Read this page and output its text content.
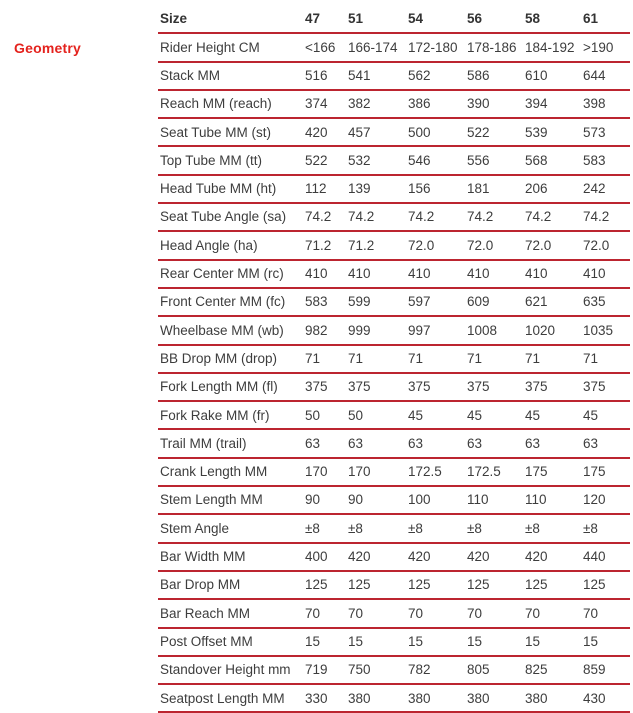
Geometry
Size	47	51	54	56	58	61
Rider Height CM	<166	166-174	172-180	178-186	184-192	>190
Stack MM	516	541	562	586	610	644
Reach MM (reach)	374	382	386	390	394	398
Seat Tube MM (st)	420	457	500	522	539	573
Top Tube MM (tt)	522	532	546	556	568	583
Head Tube MM (ht)	112	139	156	181	206	242
Seat Tube Angle (sa)	74.2	74.2	74.2	74.2	74.2	74.2
Head Angle (ha)	71.2	71.2	72.0	72.0	72.0	72.0
Rear Center MM (rc)	410	410	410	410	410	410
Front Center MM (fc)	583	599	597	609	621	635
Wheelbase MM (wb)	982	999	997	1008	1020	1035
BB Drop MM (drop)	71	71	71	71	71	71
Fork Length MM (fl)	375	375	375	375	375	375
Fork Rake MM (fr)	50	50	45	45	45	45
Trail MM (trail)	63	63	63	63	63	63
Crank Length MM	170	170	172.5	172.5	175	175
Stem Length MM	90	90	100	110	110	120
Stem Angle	±8	±8	±8	±8	±8	±8
Bar Width MM	400	420	420	420	420	440
Bar Drop MM	125	125	125	125	125	125
Bar Reach MM	70	70	70	70	70	70
Post Offset MM	15	15	15	15	15	15
Standover Height mm	719	750	782	805	825	859
Seatpost Length MM	330	380	380	380	380	430
